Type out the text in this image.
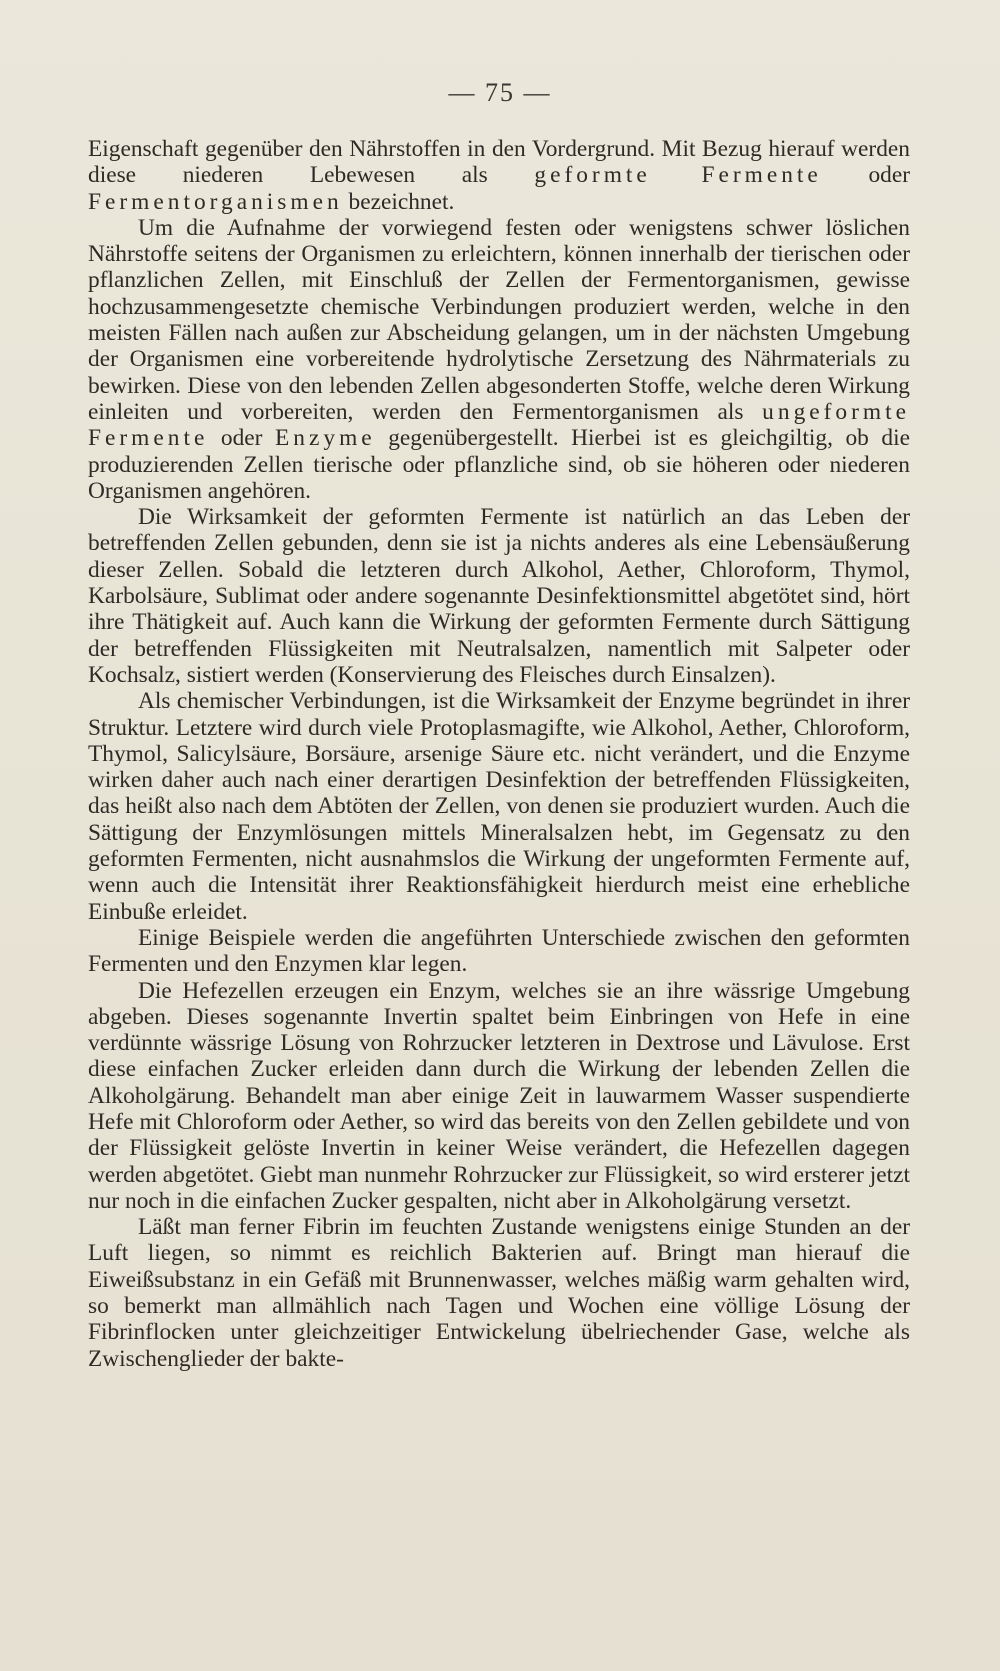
— 75 —

Eigenschaft gegenüber den Nährstoffen in den Vordergrund. Mit Bezug hierauf werden diese niederen Lebewesen als geformte Fermente oder Fermentorganismen bezeichnet.

Um die Aufnahme der vorwiegend festen oder wenigstens schwer löslichen Nährstoffe seitens der Organismen zu erleichtern, können innerhalb der tierischen oder pflanzlichen Zellen, mit Einschluß der Zellen der Fermentorganismen, gewisse hochzusammengesetzte chemische Verbindungen produziert werden, welche in den meisten Fällen nach außen zur Abscheidung gelangen, um in der nächsten Umgebung der Organismen eine vorbereitende hydrolytische Zersetzung des Nährmaterials zu bewirken. Diese von den lebenden Zellen abgesonderten Stoffe, welche deren Wirkung einleiten und vorbereiten, werden den Fermentorganismen als ungeformte Fermente oder Enzyme gegenübergestellt. Hierbei ist es gleichgiltig, ob die produzierenden Zellen tierische oder pflanzliche sind, ob sie höheren oder niederen Organismen angehören.

Die Wirksamkeit der geformten Fermente ist natürlich an das Leben der betreffenden Zellen gebunden, denn sie ist ja nichts anderes als eine Lebensäußerung dieser Zellen. Sobald die letzteren durch Alkohol, Aether, Chloroform, Thymol, Karbolsäure, Sublimat oder andere sogenannte Desinfektionsmittel abgetötet sind, hört ihre Thätigkeit auf. Auch kann die Wirkung der geformten Fermente durch Sättigung der betreffenden Flüssigkeiten mit Neutralsalzen, namentlich mit Salpeter oder Kochsalz, sistiert werden (Konservierung des Fleisches durch Einsalzen).

Als chemischer Verbindungen, ist die Wirksamkeit der Enzyme begründet in ihrer Struktur. Letztere wird durch viele Protoplasmagifte, wie Alkohol, Aether, Chloroform, Thymol, Salicylsäure, Borsäure, arsenige Säure etc. nicht verändert, und die Enzyme wirken daher auch nach einer derartigen Desinfektion der betreffenden Flüssigkeiten, das heißt also nach dem Abtöten der Zellen, von denen sie produziert wurden. Auch die Sättigung der Enzymlösungen mittels Mineralsalzen hebt, im Gegensatz zu den geformten Fermenten, nicht ausnahmslos die Wirkung der ungeformten Fermente auf, wenn auch die Intensität ihrer Reaktionsfähigkeit hierdurch meist eine erhebliche Einbuße erleidet.

Einige Beispiele werden die angeführten Unterschiede zwischen den geformten Fermenten und den Enzymen klar legen.

Die Hefezellen erzeugen ein Enzym, welches sie an ihre wässrige Umgebung abgeben. Dieses sogenannte Invertin spaltet beim Einbringen von Hefe in eine verdünnte wässrige Lösung von Rohrzucker letzteren in Dextrose und Lävulose. Erst diese einfachen Zucker erleiden dann durch die Wirkung der lebenden Zellen die Alkoholgärung. Behandelt man aber einige Zeit in lauwarmem Wasser suspendierte Hefe mit Chloroform oder Aether, so wird das bereits von den Zellen gebildete und von der Flüssigkeit gelöste Invertin in keiner Weise verändert, die Hefezellen dagegen werden abgetötet. Giebt man nunmehr Rohrzucker zur Flüssigkeit, so wird ersterer jetzt nur noch in die einfachen Zucker gespalten, nicht aber in Alkoholgärung versetzt.

Läßt man ferner Fibrin im feuchten Zustande wenigstens einige Stunden an der Luft liegen, so nimmt es reichlich Bakterien auf. Bringt man hierauf die Eiweißsubstanz in ein Gefäß mit Brunnenwasser, welches mäßig warm gehalten wird, so bemerkt man allmählich nach Tagen und Wochen eine völlige Lösung der Fibrinflocken unter gleichzeitiger Entwickelung übelriechender Gase, welche als Zwischenglieder der bakte-
